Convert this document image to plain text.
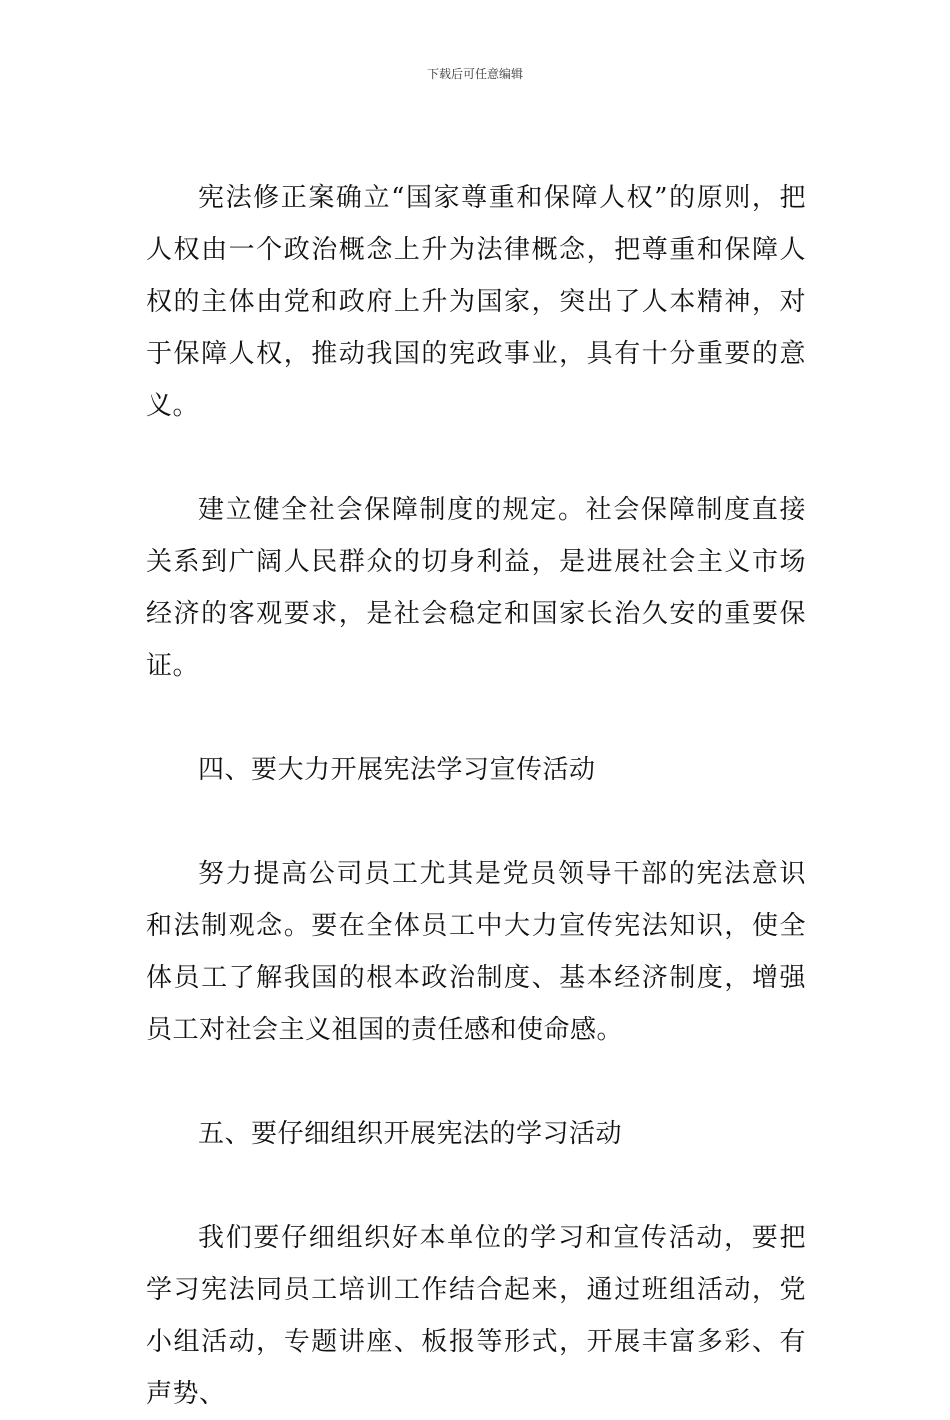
下载后可任意编辑

宪法修正案确立“国家尊重和保障人权”的原则，把人权由一个政治概念上升为法律概念，把尊重和保障人权的主体由党和政府上升为国家，突出了人本精神，对于保障人权，推动我国的宪政事业，具有十分重要的意义。

建立健全社会保障制度的规定。社会保障制度直接关系到广阔人民群众的切身利益，是进展社会主义市场经济的客观要求，是社会稳定和国家长治久安的重要保证。

四、要大力开展宪法学习宣传活动

努力提高公司员工尤其是党员领导干部的宪法意识和法制观念。要在全体员工中大力宣传宪法知识，使全体员工了解我国的根本政治制度、基本经济制度，增强员工对社会主义祖国的责任感和使命感。

五、要仔细组织开展宪法的学习活动

我们要仔细组织好本单位的学习和宣传活动，要把学习宪法同员工培训工作结合起来，通过班组活动，党小组活动，专题讲座、板报等形式，开展丰富多彩、有声势、
